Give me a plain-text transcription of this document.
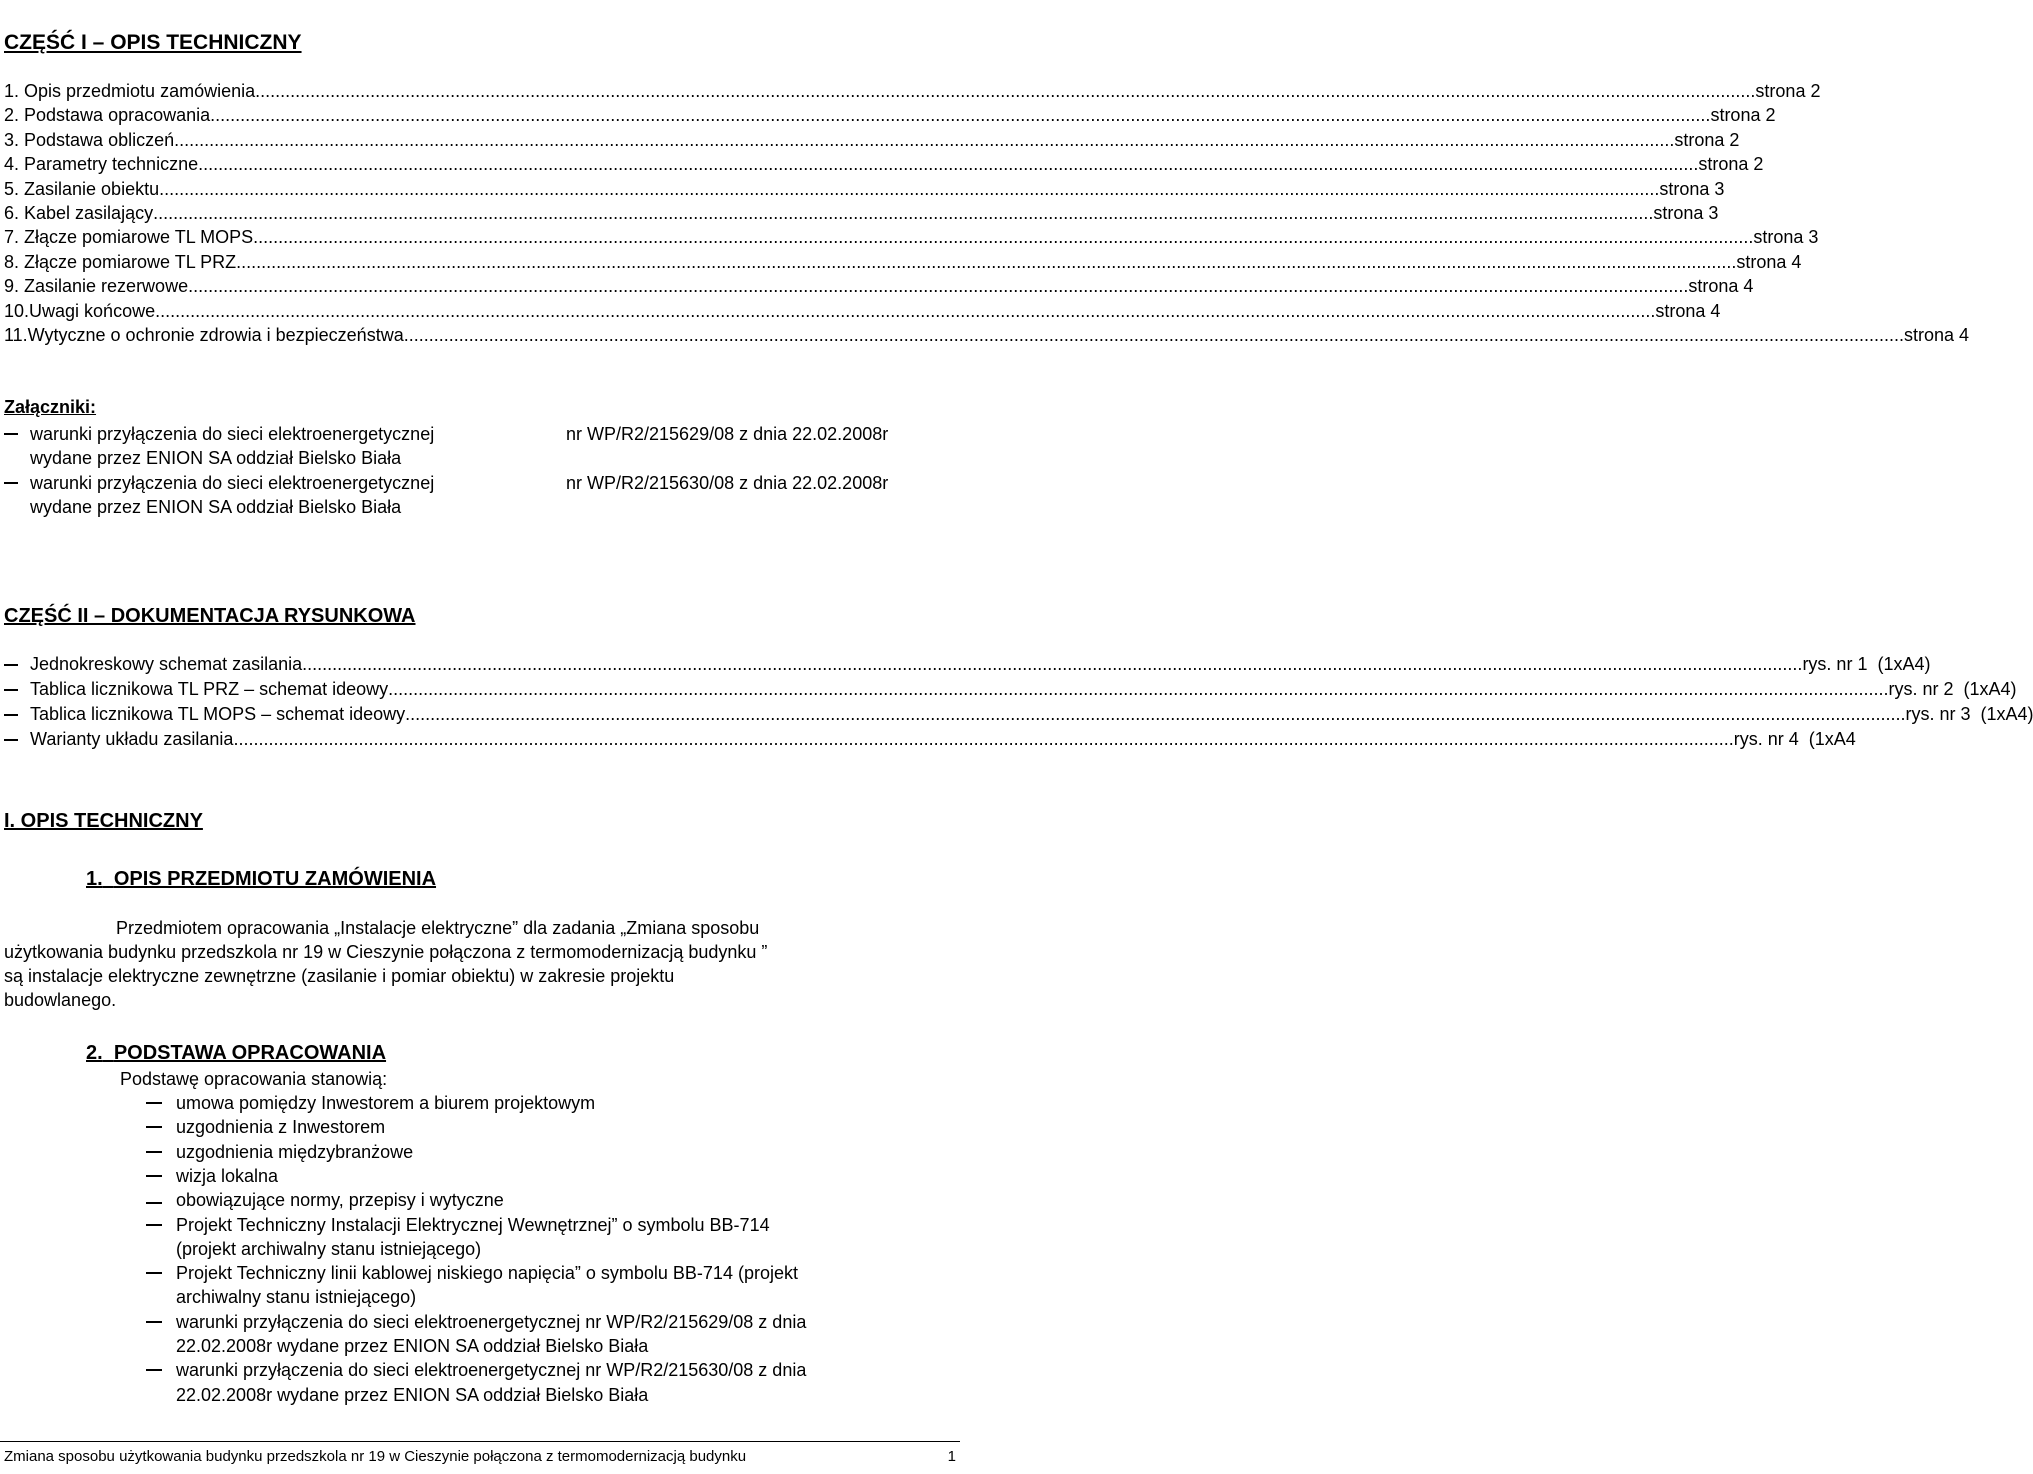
CZĘŚĆ I – OPIS TECHNICZNY
1. Opis przedmiotu zamówienia ............................................................................................................................................................................................................................................................................................................ strona 2
2. Podstawa opracowania ............................................................................................................................................................................................................................................................................................................ strona 2
3. Podstawa obliczeń ............................................................................................................................................................................................................................................................................................................ strona 2
4. Parametry techniczne ............................................................................................................................................................................................................................................................................................................ strona 2
5. Zasilanie obiektu ............................................................................................................................................................................................................................................................................................................ strona 3
6. Kabel zasilający ............................................................................................................................................................................................................................................................................................................ strona 3
7. Złącze pomiarowe TL MOPS ............................................................................................................................................................................................................................................................................................................ strona 3
8. Złącze pomiarowe TL PRZ ............................................................................................................................................................................................................................................................................................................ strona 4
9. Zasilanie rezerwowe ............................................................................................................................................................................................................................................................................................................ strona 4
10.Uwagi końcowe ............................................................................................................................................................................................................................................................................................................ strona 4
11.Wytyczne o ochronie zdrowia i bezpieczeństwa ............................................................................................................................................................................................................................................................................................................ strona 4
Załączniki:
warunki przyłączenia do sieci elektroenergetycznej	nr WP/R2/215629/08 z dnia 22.02.2008r
wydane przez ENION SA oddział Bielsko Biała
warunki przyłączenia do sieci elektroenergetycznej	nr WP/R2/215630/08 z dnia 22.02.2008r
wydane przez ENION SA oddział Bielsko Biała
CZĘŚĆ II – DOKUMENTACJA RYSUNKOWA
Jednokreskowy schemat zasilania ............................................................................................................................................................................................................................................................................................................ rys. nr 1  (1xA4)
Tablica licznikowa TL PRZ – schemat ideowy ............................................................................................................................................................................................................................................................................................................ rys. nr 2  (1xA4)
Tablica licznikowa TL MOPS – schemat ideowy ............................................................................................................................................................................................................................................................................................................ rys. nr 3  (1xA4)
Warianty układu zasilania ............................................................................................................................................................................................................................................................................................................ rys. nr 4  (1xA4
I. OPIS TECHNICZNY
1. OPIS PRZEDMIOTU ZAMÓWIENIA
Przedmiotem opracowania „Instalacje elektryczne” dla zadania „Zmiana sposobu
użytkowania budynku przedszkola nr 19 w Cieszynie połączona z termomodernizacją budynku ”
są instalacje elektryczne zewnętrzne (zasilanie i pomiar obiektu) w zakresie projektu
budowlanego.
2. PODSTAWA OPRACOWANIA
Podstawę opracowania stanowią:
umowa pomiędzy Inwestorem a biurem projektowym
uzgodnienia z Inwestorem
uzgodnienia międzybranżowe
wizja lokalna
obowiązujące normy, przepisy i wytyczne
Projekt Techniczny Instalacji Elektrycznej Wewnętrznej” o symbolu BB-714
(projekt archiwalny stanu istniejącego)
Projekt Techniczny linii kablowej niskiego napięcia” o symbolu BB-714 (projekt
archiwalny stanu istniejącego)
warunki przyłączenia do sieci elektroenergetycznej nr WP/R2/215629/08 z dnia
22.02.2008r wydane przez ENION SA oddział Bielsko Biała
warunki przyłączenia do sieci elektroenergetycznej nr WP/R2/215630/08 z dnia
22.02.2008r wydane przez ENION SA oddział Bielsko Biała
Zmiana sposobu użytkowania budynku przedszkola nr 19 w Cieszynie połączona z termomodernizacją budynku	1
